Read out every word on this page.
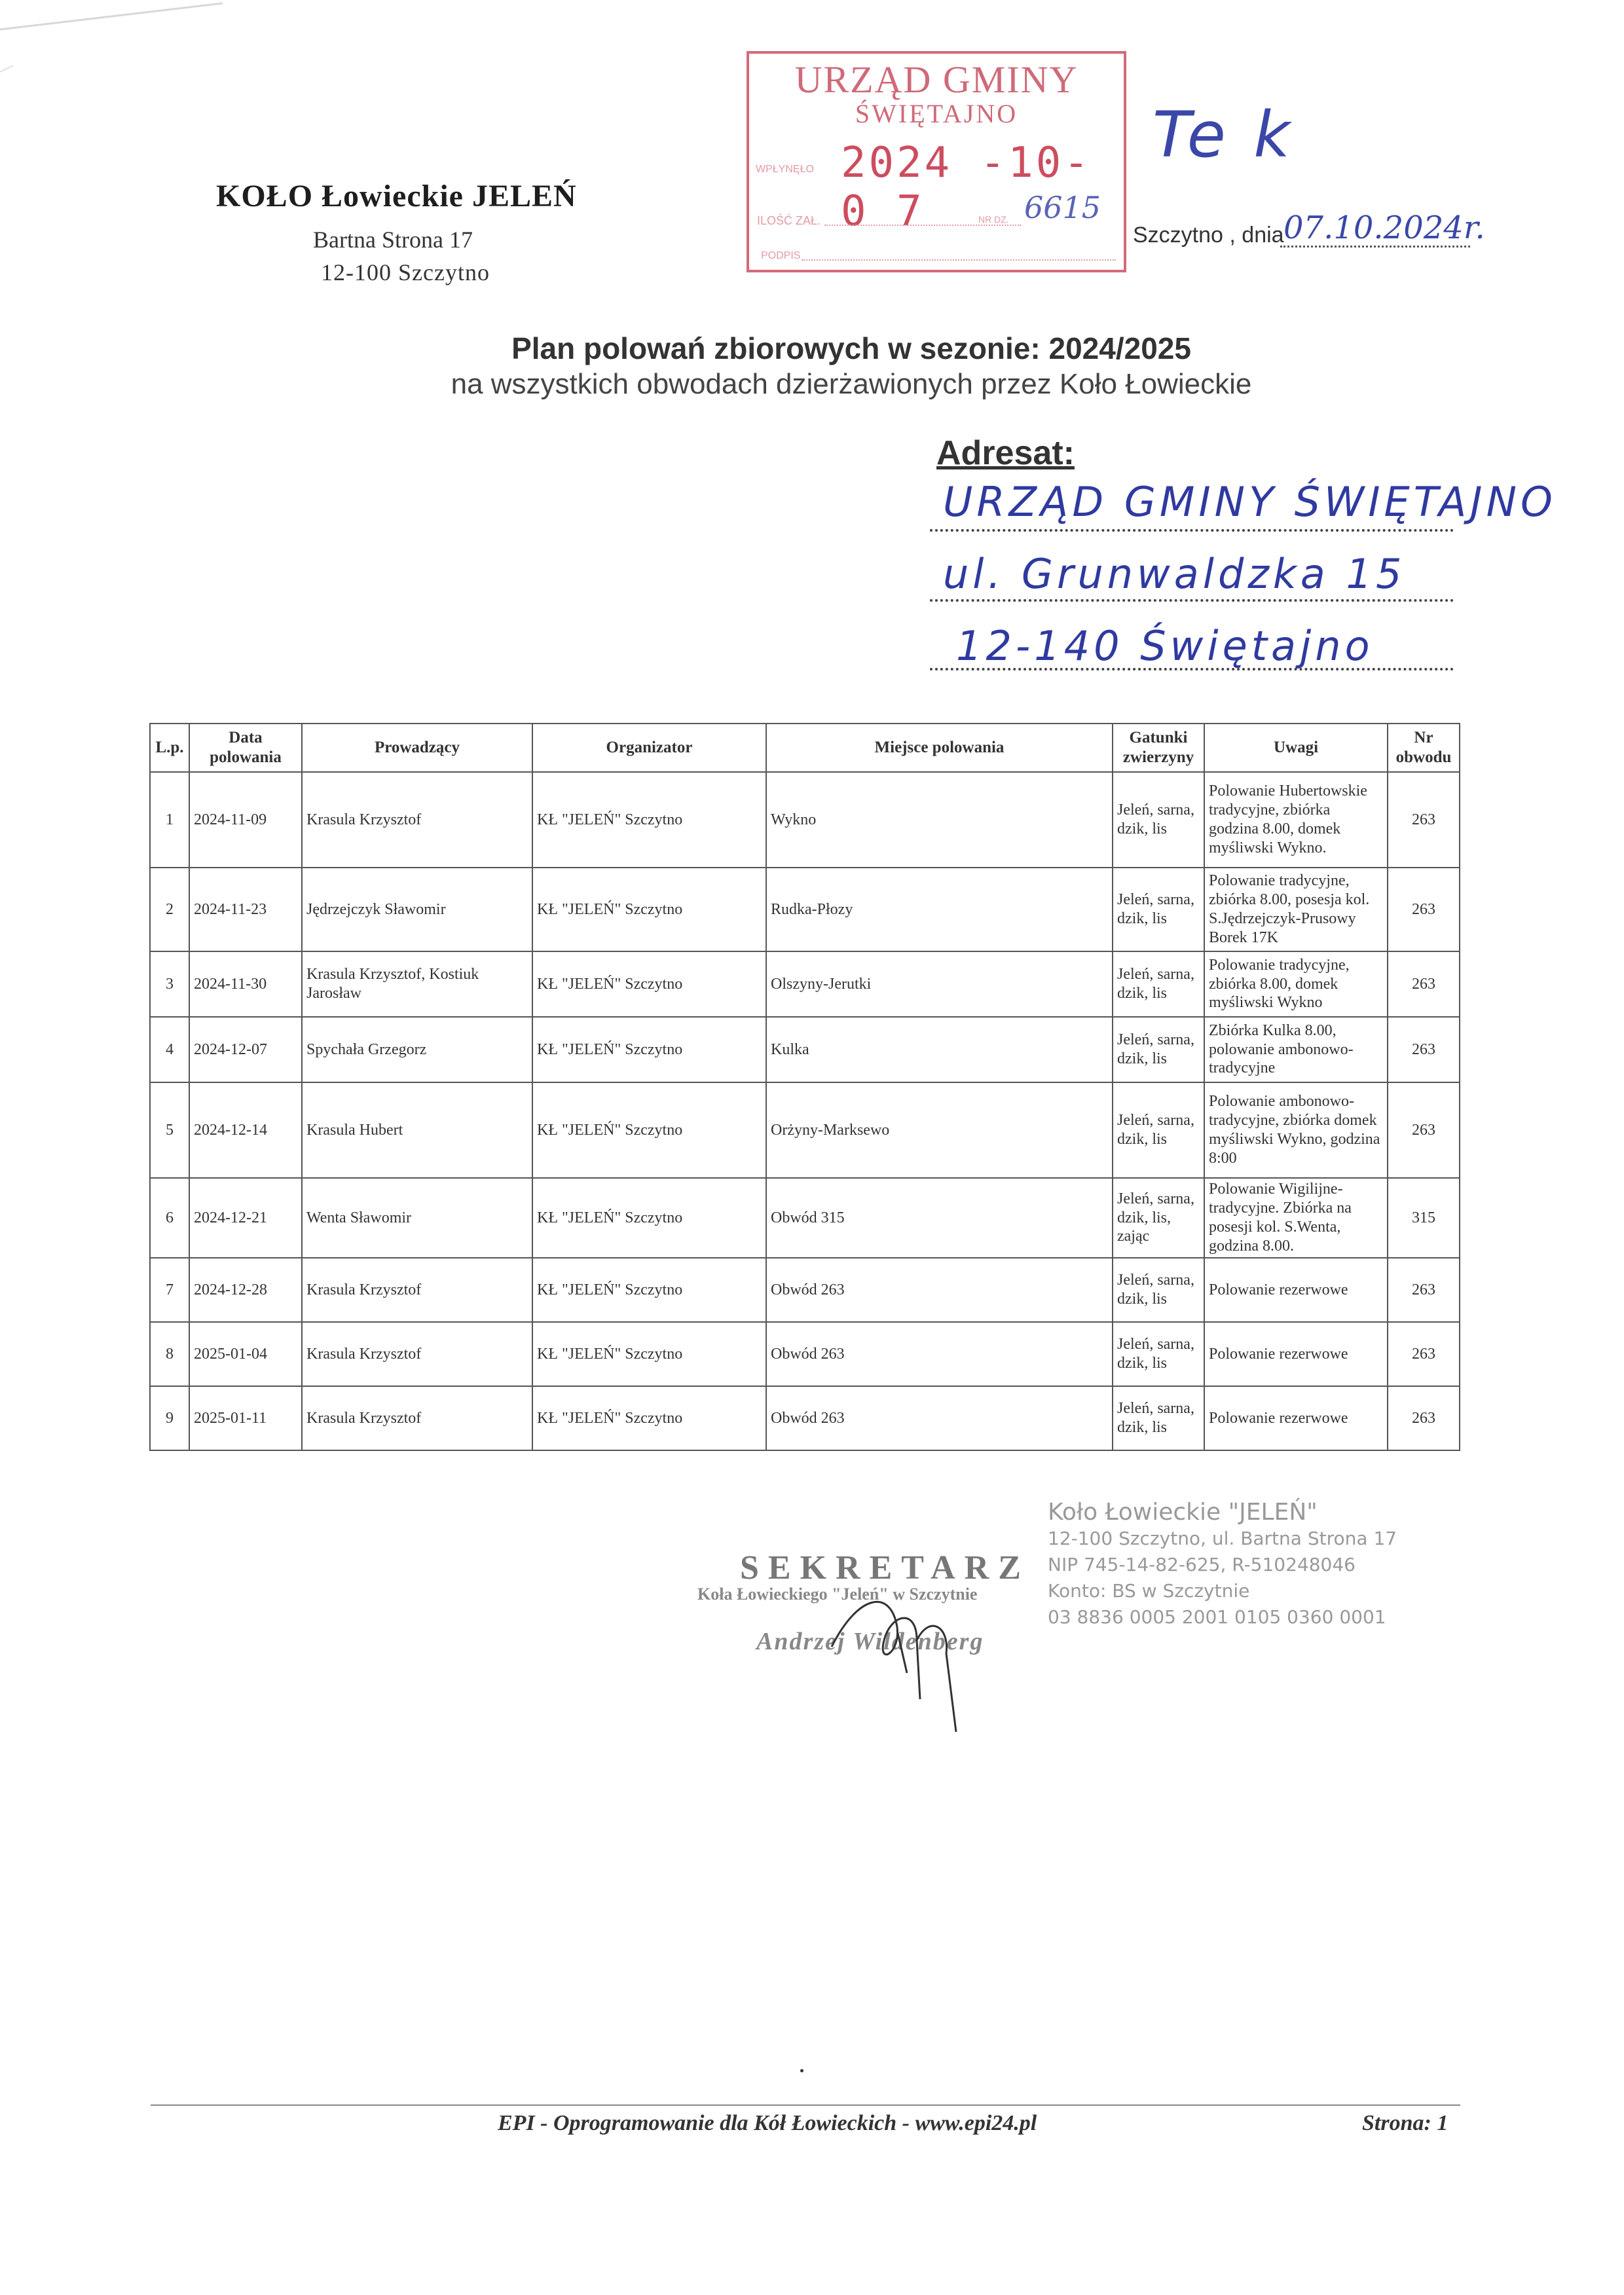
KOŁO Łowieckie JELEŃ
Bartna Strona 17
12-100 Szczytno
URZĄD GMINY
ŚWIĘTAJNO
WPŁYNĘŁO 2024 -10- 0 7
ILOŚĆ ZAŁ.	NR DZ. 6615
PODPIS
Te k
Szczytno , dnia 07.10.2024r.
Plan polowań zbiorowych w sezonie: 2024/2025
na wszystkich obwodach dzierżawionych przez Koło Łowieckie
Adresat:
URZĄD GMINY ŚWIĘTAJNO
ul. Grunwaldzka 15
12-140 Świętajno
L.p.	Data polowania	Prowadzący	Organizator	Miejsce polowania	Gatunki zwierzyny	Uwagi	Nr obwodu
1	2024-11-09	Krasula Krzysztof	KŁ "JELEŃ" Szczytno	Wykno	Jeleń, sarna, dzik, lis	Polowanie Hubertowskie tradycyjne, zbiórka godzina 8.00, domek myśliwski Wykno.	263
2	2024-11-23	Jędrzejczyk Sławomir	KŁ "JELEŃ" Szczytno	Rudka-Płozy	Jeleń, sarna, dzik, lis	Polowanie tradycyjne, zbiórka 8.00, posesja kol. S.Jędrzejczyk-Prusowy Borek 17K	263
3	2024-11-30	Krasula Krzysztof, Kostiuk Jarosław	KŁ "JELEŃ" Szczytno	Olszyny-Jerutki	Jeleń, sarna, dzik, lis	Polowanie tradycyjne, zbiórka 8.00, domek myśliwski Wykno	263
4	2024-12-07	Spychała Grzegorz	KŁ "JELEŃ" Szczytno	Kulka	Jeleń, sarna, dzik, lis	Zbiórka Kulka 8.00, polowanie ambonowo-tradycyjne	263
5	2024-12-14	Krasula Hubert	KŁ "JELEŃ" Szczytno	Orżyny-Marksewo	Jeleń, sarna, dzik, lis	Polowanie ambonowo-tradycyjne, zbiórka domek myśliwski Wykno, godzina 8:00	263
6	2024-12-21	Wenta Sławomir	KŁ "JELEŃ" Szczytno	Obwód 315	Jeleń, sarna, dzik, lis, zając	Polowanie Wigilijne-tradycyjne. Zbiórka na posesji kol. S.Wenta, godzina 8.00.	315
7	2024-12-28	Krasula Krzysztof	KŁ "JELEŃ" Szczytno	Obwód 263	Jeleń, sarna, dzik, lis	Polowanie rezerwowe	263
8	2025-01-04	Krasula Krzysztof	KŁ "JELEŃ" Szczytno	Obwód 263	Jeleń, sarna, dzik, lis	Polowanie rezerwowe	263
9	2025-01-11	Krasula Krzysztof	KŁ "JELEŃ" Szczytno	Obwód 263	Jeleń, sarna, dzik, lis	Polowanie rezerwowe	263
SEKRETARZ
Koła Łowieckiego "Jeleń" w Szczytnie
Andrzej Wildenberg
Koło Łowieckie "JELEŃ"
12-100 Szczytno, ul. Bartna Strona 17
NIP 745-14-82-625, R-510248046
Konto: BS w Szczytnie
03 8836 0005 2001 0105 0360 0001
EPI - Oprogramowanie dla Kół Łowieckich - www.epi24.pl	Strona: 1
